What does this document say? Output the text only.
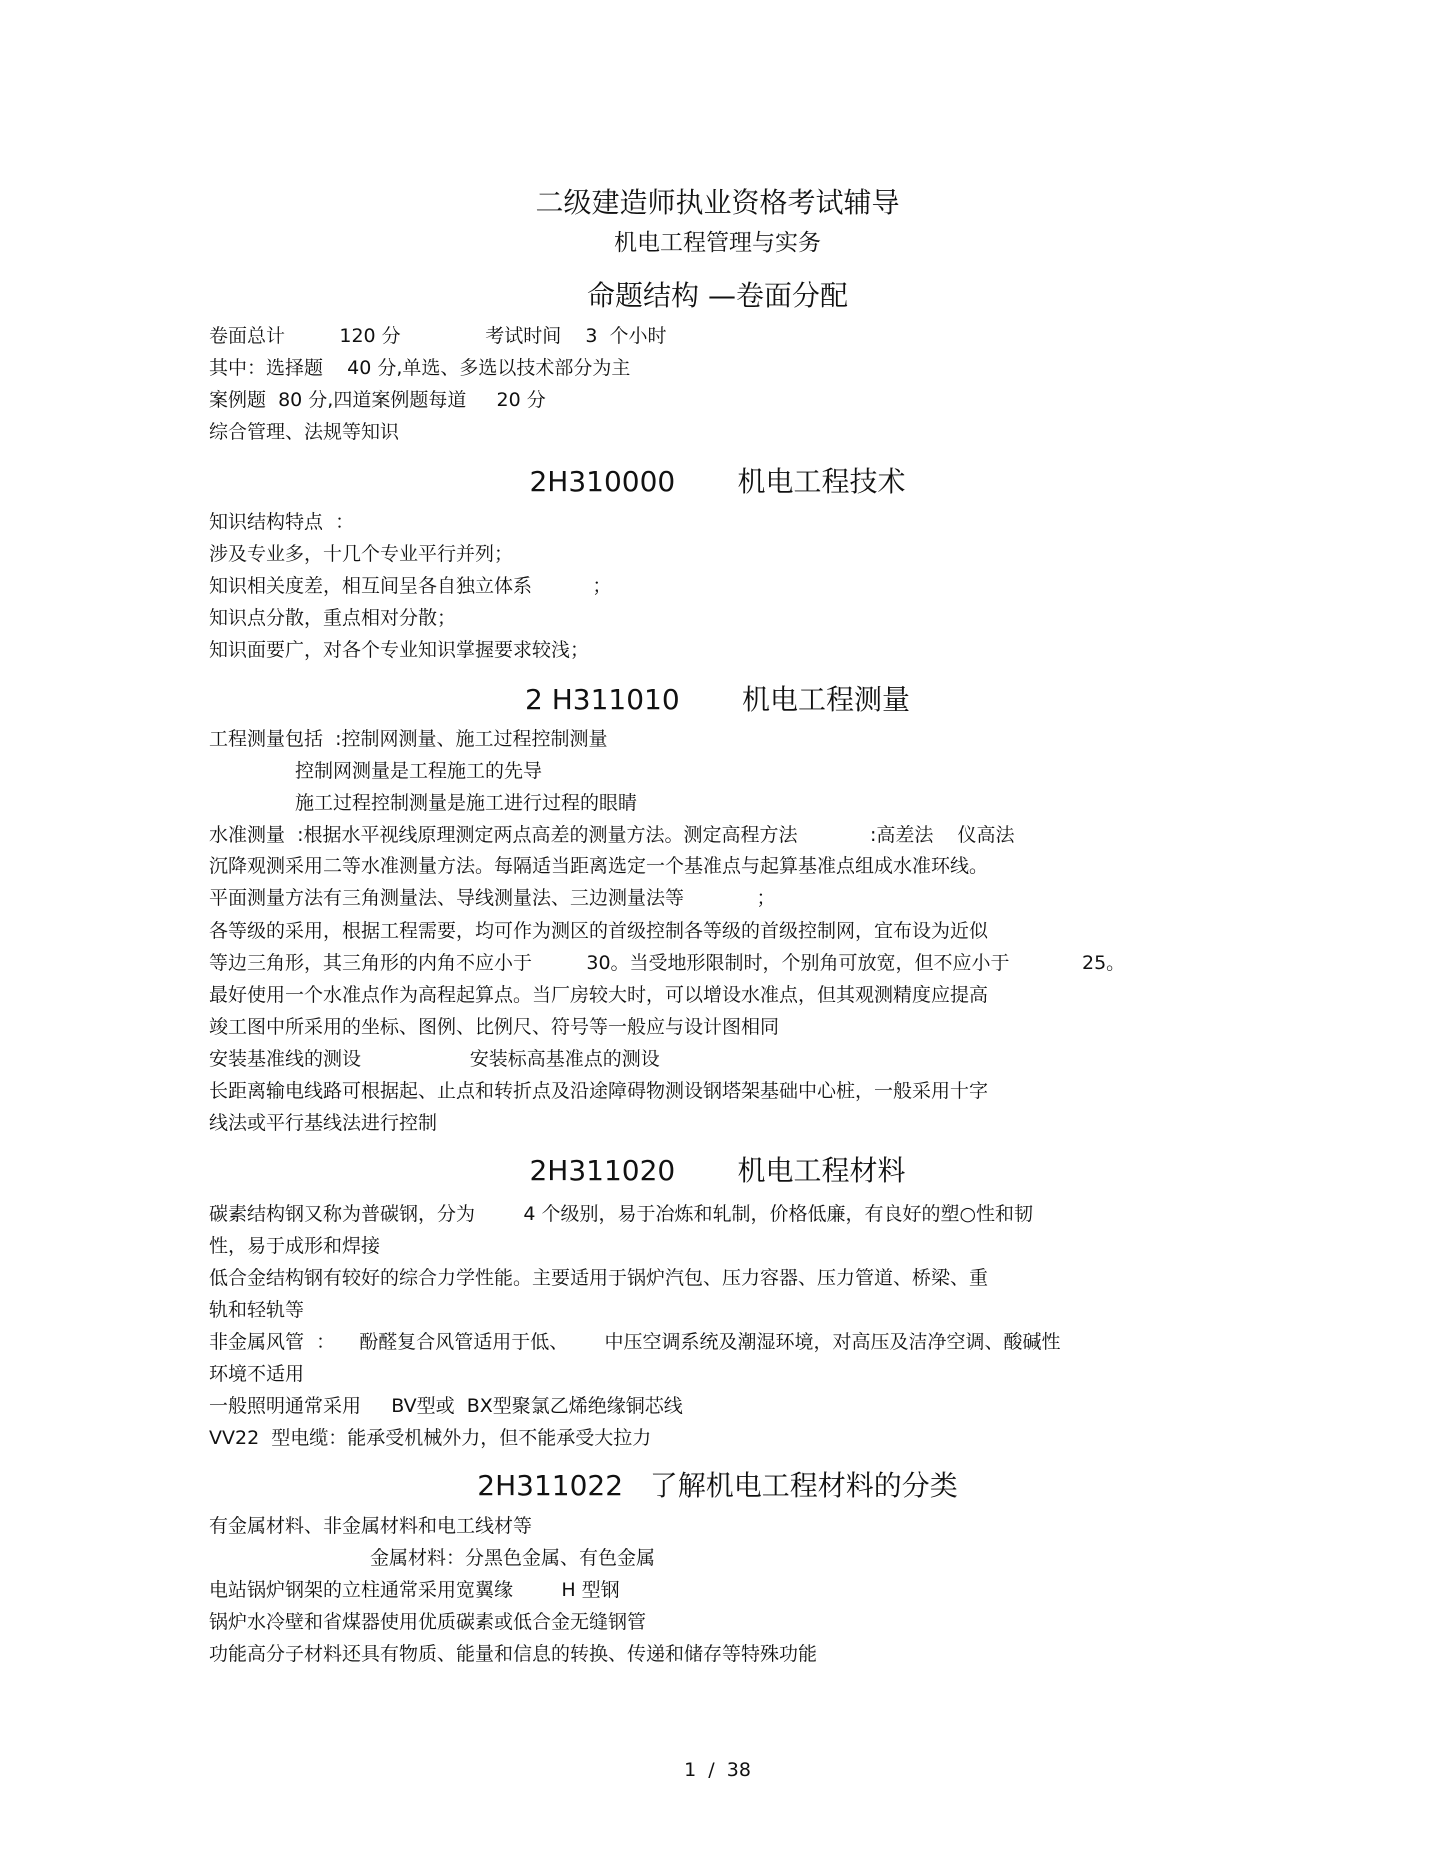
二级建造师执业资格考试辅导
机电工程管理与实务
命题结构 —卷面分配
卷面总计         120 分              考试时间    3  个小时
其中：选择题    40 分,单选、多选以技术部分为主
案例题  80 分,四道案例题每道     20 分
综合管理、法规等知识
2H310000       机电工程技术
知识结构特点  ：
涉及专业多，十几个专业平行并列；
知识相关度差，相互间呈各自独立体系          ；
知识点分散，重点相对分散；
知识面要广，对各个专业知识掌握要求较浅；
2 H311010       机电工程测量
工程测量包括  :控制网测量、施工过程控制测量
控制网测量是工程施工的先导
施工过程控制测量是施工进行过程的眼睛
水准测量  :根据水平视线原理测定两点高差的测量方法。测定高程方法            :高差法    仪高法
沉降观测采用二等水准测量方法。每隔适当距离选定一个基准点与起算基准点组成水准环线。
平面测量方法有三角测量法、导线测量法、三边测量法等            ；
各等级的采用，根据工程需要，均可作为测区的首级控制各等级的首级控制网，宜布设为近似
等边三角形，其三角形的内角不应小于         30。当受地形限制时，个别角可放宽，但不应小于            25。
最好使用一个水准点作为高程起算点。当厂房较大时，可以增设水准点，但其观测精度应提高
竣工图中所采用的坐标、图例、比例尺、符号等一般应与设计图相同
安装基准线的测设                  安装标高基准点的测设
长距离输电线路可根据起、止点和转折点及沿途障碍物测设钢塔架基础中心桩，一般采用十字
线法或平行基线法进行控制
2H311020       机电工程材料
碳素结构钢又称为普碳钢，分为        4 个级别，易于冶炼和轧制，价格低廉，有良好的塑○性和韧
性，易于成形和焊接
低合金结构钢有较好的综合力学性能。主要适用于锅炉汽包、压力容器、压力管道、桥梁、重
轨和轻轨等
非金属风管  ：    酚醛复合风管适用于低、      中压空调系统及潮湿环境，对高压及洁净空调、酸碱性
环境不适用
一般照明通常采用     BV型或  BX型聚氯乙烯绝缘铜芯线
VV22  型电缆：能承受机械外力，但不能承受大拉力
2H311022   了解机电工程材料的分类
有金属材料、非金属材料和电工线材等
金属材料：分黑色金属、有色金属
电站锅炉钢架的立柱通常采用宽翼缘        H 型钢
锅炉水冷壁和省煤器使用优质碳素或低合金无缝钢管
功能高分子材料还具有物质、能量和信息的转换、传递和储存等特殊功能
1  /  38
